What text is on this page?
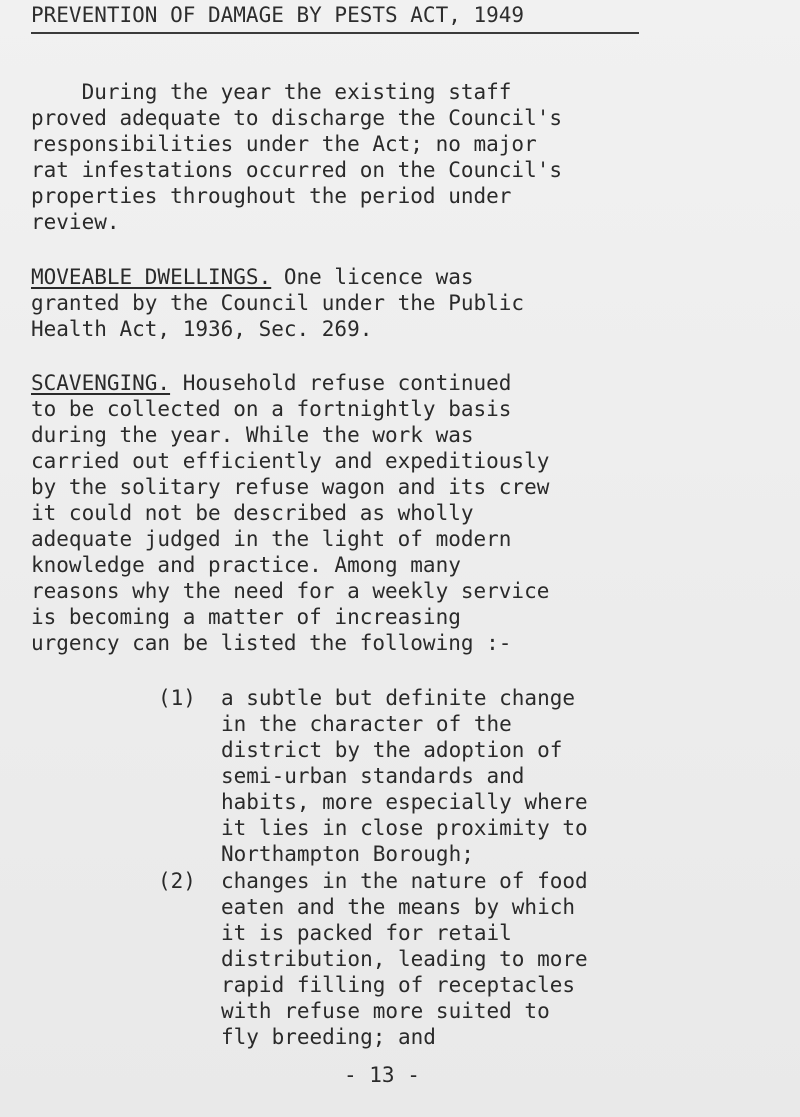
PREVENTION OF DAMAGE BY PESTS ACT, 1949
During the year the existing staff
proved adequate to discharge the Council's
responsibilities under the Act; no major
rat infestations occurred on the Council's
properties throughout the period under
review.
MOVEABLE DWELLINGS. One licence was
granted by the Council under the Public
Health Act, 1936, Sec. 269.
SCAVENGING. Household refuse continued
to be collected on a fortnightly basis
during the year. While the work was
carried out efficiently and expeditiously
by the solitary refuse wagon and its crew
it could not be described as wholly
adequate judged in the light of modern
knowledge and practice. Among many
reasons why the need for a weekly service
is becoming a matter of increasing
urgency can be listed the following :-
(1) a subtle but definite change
in the character of the
district by the adoption of
semi-urban standards and
habits, more especially where
it lies in close proximity to
Northampton Borough;
(2) changes in the nature of food
eaten and the means by which
it is packed for retail
distribution, leading to more
rapid filling of receptacles
with refuse more suited to
fly breeding; and
- 13 -
